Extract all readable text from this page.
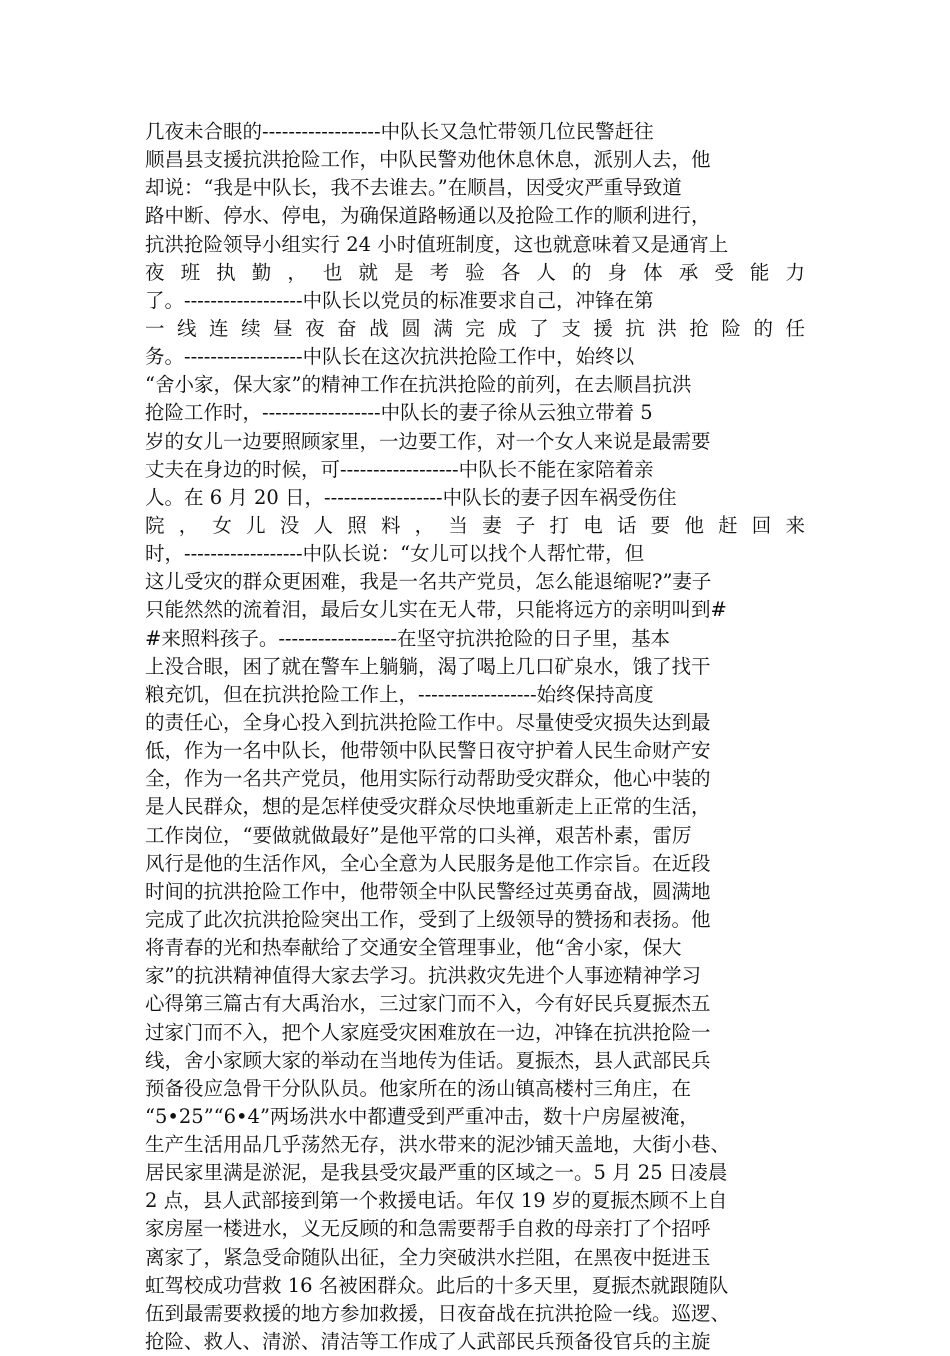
几夜未合眼的------------------中队长又急忙带领几位民警赶往
顺昌县支援抗洪抢险工作，中队民警劝他休息休息，派别人去，他
却说：“我是中队长，我不去谁去。”在顺昌，因受灾严重导致道
路中断、停水、停电，为确保道路畅通以及抢险工作的顺利进行，
抗洪抢险领导小组实行 24 小时值班制度，这也就意味着又是通宵上
夜 班 执 勤 ， 也 就 是 考 验 各 人 的 身 体 承 受 能 力
了。------------------中队长以党员的标准要求自己，冲锋在第
一 线 连 续 昼 夜 奋 战 圆 满 完 成 了 支 援 抗 洪 抢 险 的 任
务。------------------中队长在这次抗洪抢险工作中，始终以
“舍小家，保大家”的精神工作在抗洪抢险的前列，在去顺昌抗洪
抢险工作时，------------------中队长的妻子徐从云独立带着 5
岁的女儿一边要照顾家里，一边要工作，对一个女人来说是最需要
丈夫在身边的时候，可------------------中队长不能在家陪着亲
人。在 6 月 20 日，------------------中队长的妻子因车祸受伤住
院 ， 女 儿 没 人 照 料 ， 当 妻 子 打 电 话 要 他 赶 回 来
时，------------------中队长说：“女儿可以找个人帮忙带，但
这儿受灾的群众更困难，我是一名共产党员，怎么能退缩呢?”妻子
只能然然的流着泪，最后女儿实在无人带，只能将远方的亲明叫到#
#来照料孩子。------------------在坚守抗洪抢险的日子里，基本
上没合眼，困了就在警车上躺躺，渴了喝上几口矿泉水，饿了找干
粮充饥，但在抗洪抢险工作上，------------------始终保持高度
的责任心，全身心投入到抗洪抢险工作中。尽量使受灾损失达到最
低，作为一名中队长，他带领中队民警日夜守护着人民生命财产安
全，作为一名共产党员，他用实际行动帮助受灾群众，他心中装的
是人民群众，想的是怎样使受灾群众尽快地重新走上正常的生活，
工作岗位，“要做就做最好”是他平常的口头禅，艰苦朴素，雷厉
风行是他的生活作风，全心全意为人民服务是他工作宗旨。在近段
时间的抗洪抢险工作中，他带领全中队民警经过英勇奋战，圆满地
完成了此次抗洪抢险突出工作，受到了上级领导的赞扬和表扬。他
将青春的光和热奉献给了交通安全管理事业，他“舍小家，保大
家”的抗洪精神值得大家去学习。抗洪救灾先进个人事迹精神学习
心得第三篇古有大禹治水，三过家门而不入，今有好民兵夏振杰五
过家门而不入，把个人家庭受灾困难放在一边，冲锋在抗洪抢险一
线，舍小家顾大家的举动在当地传为佳话。夏振杰，县人武部民兵
预备役应急骨干分队队员。他家所在的汤山镇高楼村三角庄，在
“5•25”“6•4”两场洪水中都遭受到严重冲击，数十户房屋被淹，
生产生活用品几乎荡然无存，洪水带来的泥沙铺天盖地，大街小巷、
居民家里满是淤泥，是我县受灾最严重的区域之一。5 月 25 日凌晨
2 点，县人武部接到第一个救援电话。年仅 19 岁的夏振杰顾不上自
家房屋一楼进水，义无反顾的和急需要帮手自救的母亲打了个招呼
离家了，紧急受命随队出征，全力突破洪水拦阻，在黑夜中挺进玉
虹驾校成功营救 16 名被困群众。此后的十多天里，夏振杰就跟随队
伍到最需要救援的地方参加救援，日夜奋战在抗洪抢险一线。巡逻、
抢险、救人、清淤、清洁等工作成了人武部民兵预备役官兵的主旋
